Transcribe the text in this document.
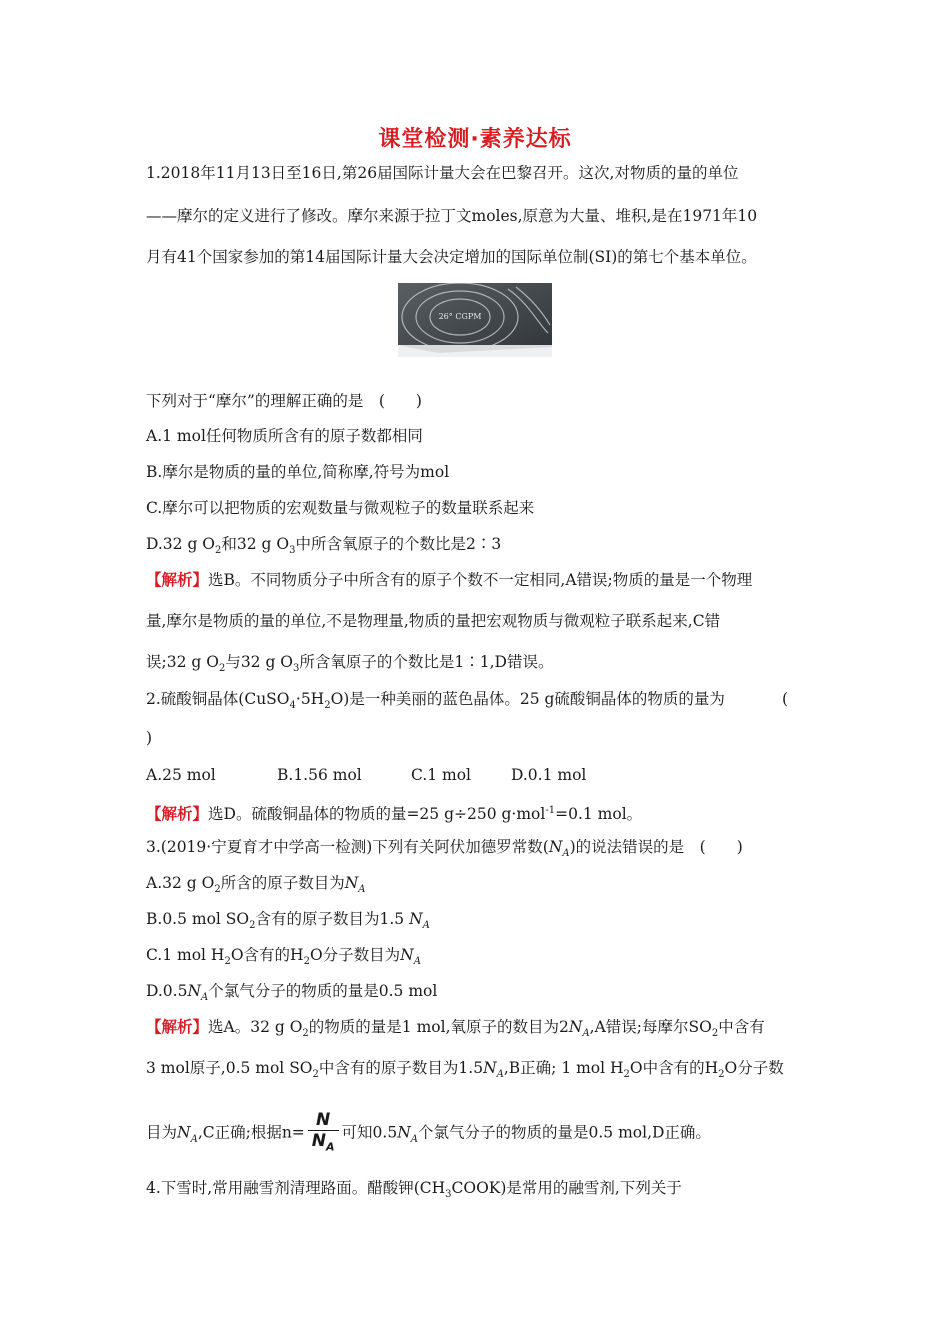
课堂检测·素养达标
1.2018年11月13日至16日,第26届国际计量大会在巴黎召开。这次,对物质的量的单位
——摩尔的定义进行了修改。摩尔来源于拉丁文moles,原意为大量、堆积,是在1971年10
月有41个国家参加的第14届国际计量大会决定增加的国际单位制(SI)的第七个基本单位。
26° CGPM
下列对于“摩尔”的理解正确的是　(　　)
A.1 mol任何物质所含有的原子数都相同
B.摩尔是物质的量的单位,简称摩,符号为mol
C.摩尔可以把物质的宏观数量与微观粒子的数量联系起来
D.32 g $O_2$和32 g $O_3$中所含氧原子的个数比是2∶3
【解析】选B。不同物质分子中所含有的原子个数不一定相同,A错误;物质的量是一个物理
量,摩尔是物质的量的单位,不是物理量,物质的量把宏观物质与微观粒子联系起来,C错
误;32 g $O_2$与32 g $O_3$所含氧原子的个数比是1∶1,D错误。
2.硫酸铜晶体$(CuSO_4\cdot 5H_2O)$是一种美丽的蓝色晶体。25 g硫酸铜晶体的物质的量为	(
)
A.25 mol	B.1.56 mol	C.1 mol	D.0.1 mol
【解析】选D。硫酸铜晶体的物质的量=25 g÷250 g·mol$^{-1}$=0.1 mol。
3.(2019·宁夏育才中学高一检测)下列有关阿伏加德罗常数$(N_A)$的说法错误的是　(　　)
A.32 g $O_2$所含的原子数目为$N_A$
B.0.5 mol $SO_2$含有的原子数目为1.5 $N_A$
C.1 mol $H_2O$含有的$H_2O$分子数目为$N_A$
$D.0.5N_A$个氯气分子的物质的量是0.5 mol
【解析】选A。32 g $O_2$的物质的量是1 mol,氧原子的数目为$2N_A,A$错误;每摩尔$SO_2$中含有
3 mol原子,0.5 mol $SO_2$中含有的原子数目为$1.5N_A,B$正确; 1 mol $H_2O$中含有的$H_2O$分子数
目为$N_A,C$正确;根据$n= \frac{N}{N_A}$ 可知$0.5N_A$个氯气分子的物质的量是0.5 mol,D正确。
4.下雪时,常用融雪剂清理路面。醋酸钾$(CH_3COOK)$是常用的融雪剂,下列关于
